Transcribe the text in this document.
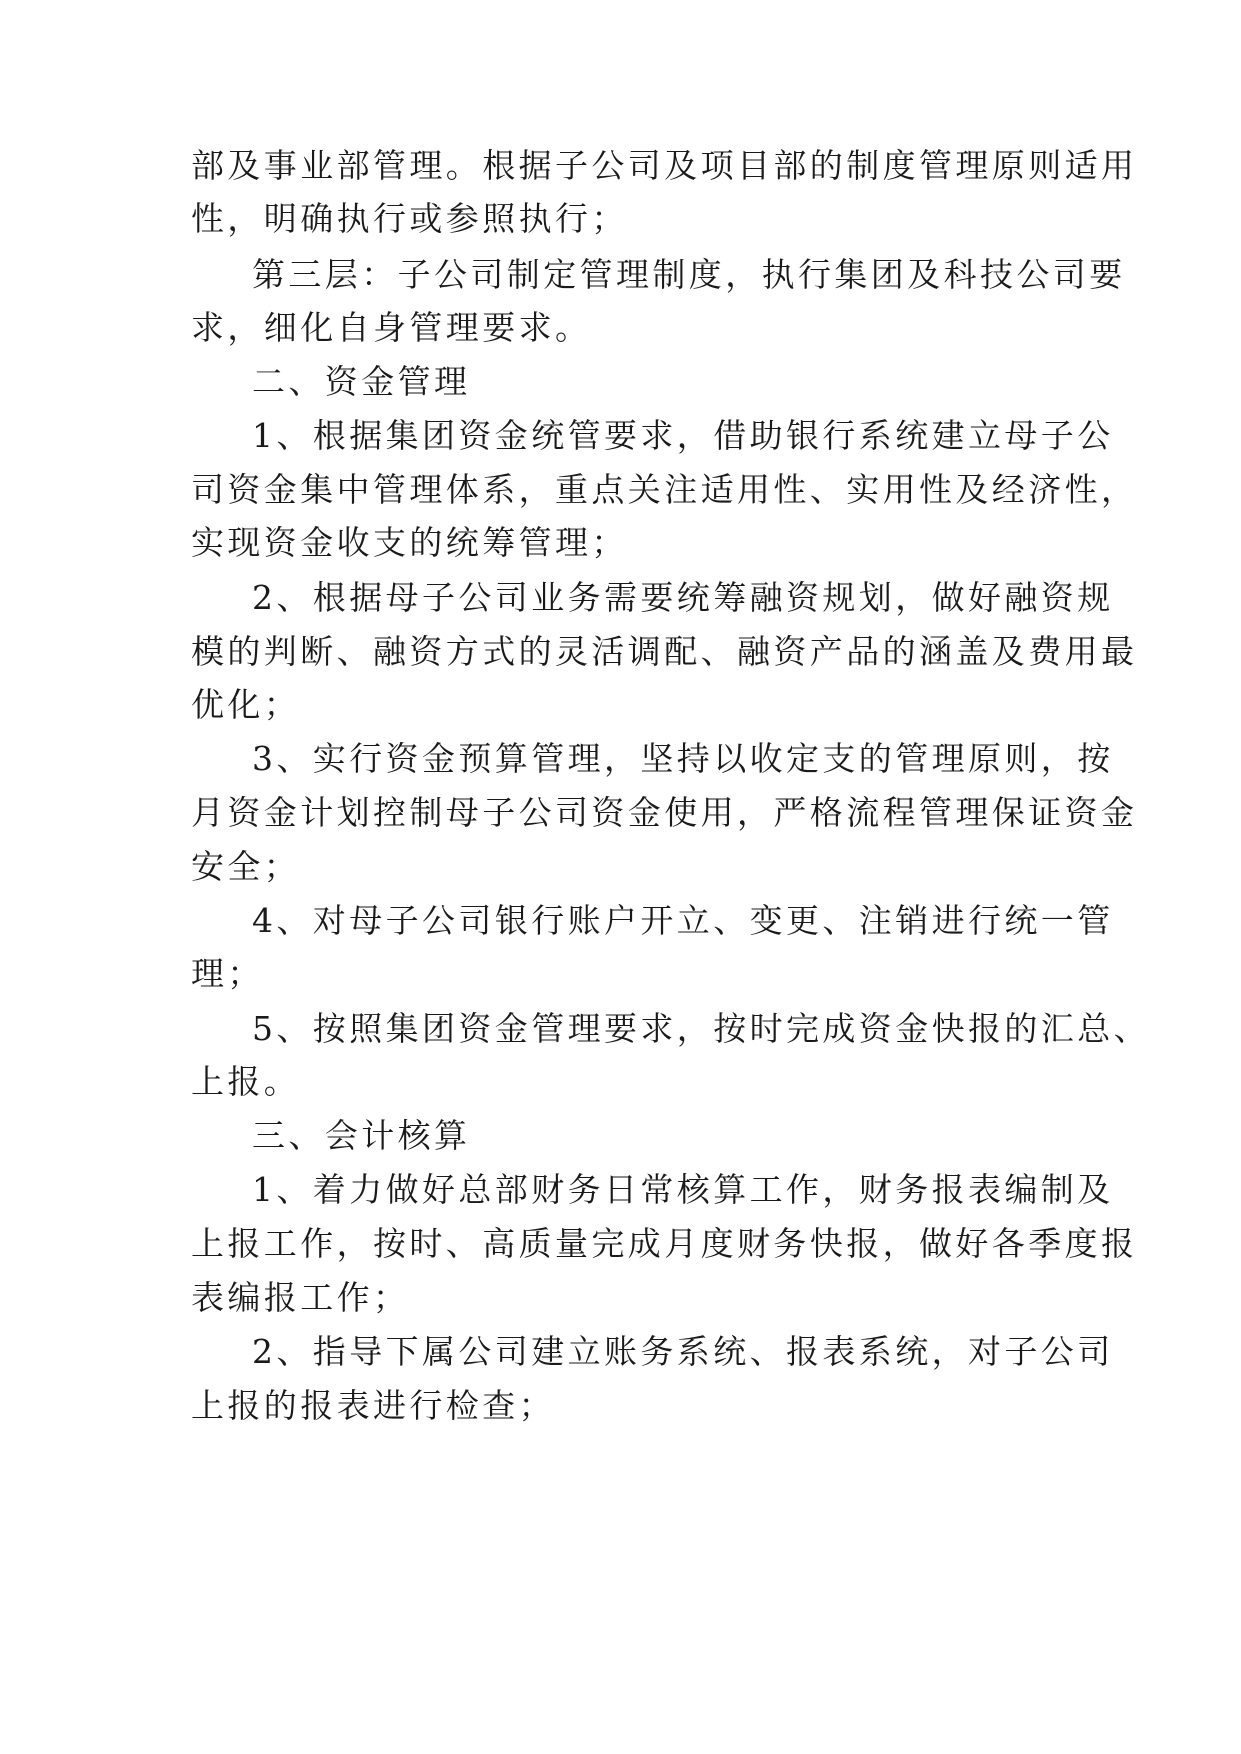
部及事业部管理。根据子公司及项目部的制度管理原则适用
性，明确执行或参照执行；
第三层：子公司制定管理制度，执行集团及科技公司要
求，细化自身管理要求。
二、资金管理
1、根据集团资金统管要求，借助银行系统建立母子公
司资金集中管理体系，重点关注适用性、实用性及经济性，
实现资金收支的统筹管理；
2、根据母子公司业务需要统筹融资规划，做好融资规
模的判断、融资方式的灵活调配、融资产品的涵盖及费用最
优化；
3、实行资金预算管理，坚持以收定支的管理原则，按
月资金计划控制母子公司资金使用，严格流程管理保证资金
安全；
4、对母子公司银行账户开立、变更、注销进行统一管
理；
5、按照集团资金管理要求，按时完成资金快报的汇总、
上报。
三、会计核算
1、着力做好总部财务日常核算工作，财务报表编制及
上报工作，按时、高质量完成月度财务快报，做好各季度报
表编报工作；
2、指导下属公司建立账务系统、报表系统，对子公司
上报的报表进行检查；
